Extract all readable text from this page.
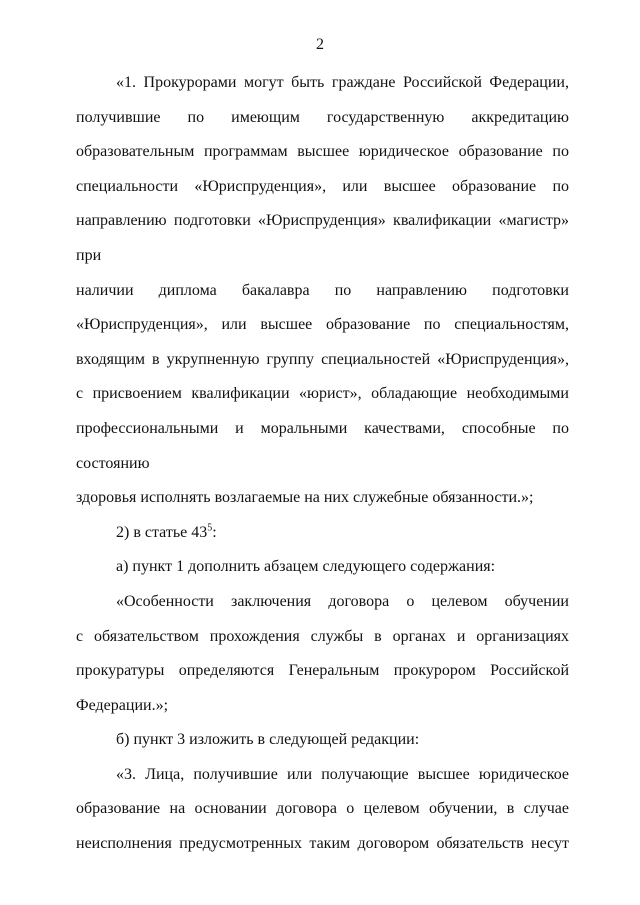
2

«1. Прокурорами могут быть граждане Российской Федерации,

получившие по имеющим государственную аккредитацию

образовательным программам высшее юридическое образование по

специальности «Юриспруденция», или высшее образование по

направлению подготовки «Юриспруденция» квалификации «магистр» при

наличии диплома бакалавра по направлению подготовки

«Юриспруденция», или высшее образование по специальностям,

входящим в укрупненную группу специальностей «Юриспруденция»,

с присвоением квалификации «юрист», обладающие необходимыми

профессиональными и моральными качествами, способные по состоянию

здоровья исполнять возлагаемые на них служебные обязанности.»;

2) в статье $43^5$:

а) пункт 1 дополнить абзацем следующего содержания:

«Особенности заключения договора о целевом обучении

с обязательством прохождения службы в органах и организациях

прокуратуры определяются Генеральным прокурором Российской

Федерации.»;

б) пункт 3 изложить в следующей редакции:

«3. Лица, получившие или получающие высшее юридическое

образование на основании договора о целевом обучении, в случае

неисполнения предусмотренных таким договором обязательств несут
